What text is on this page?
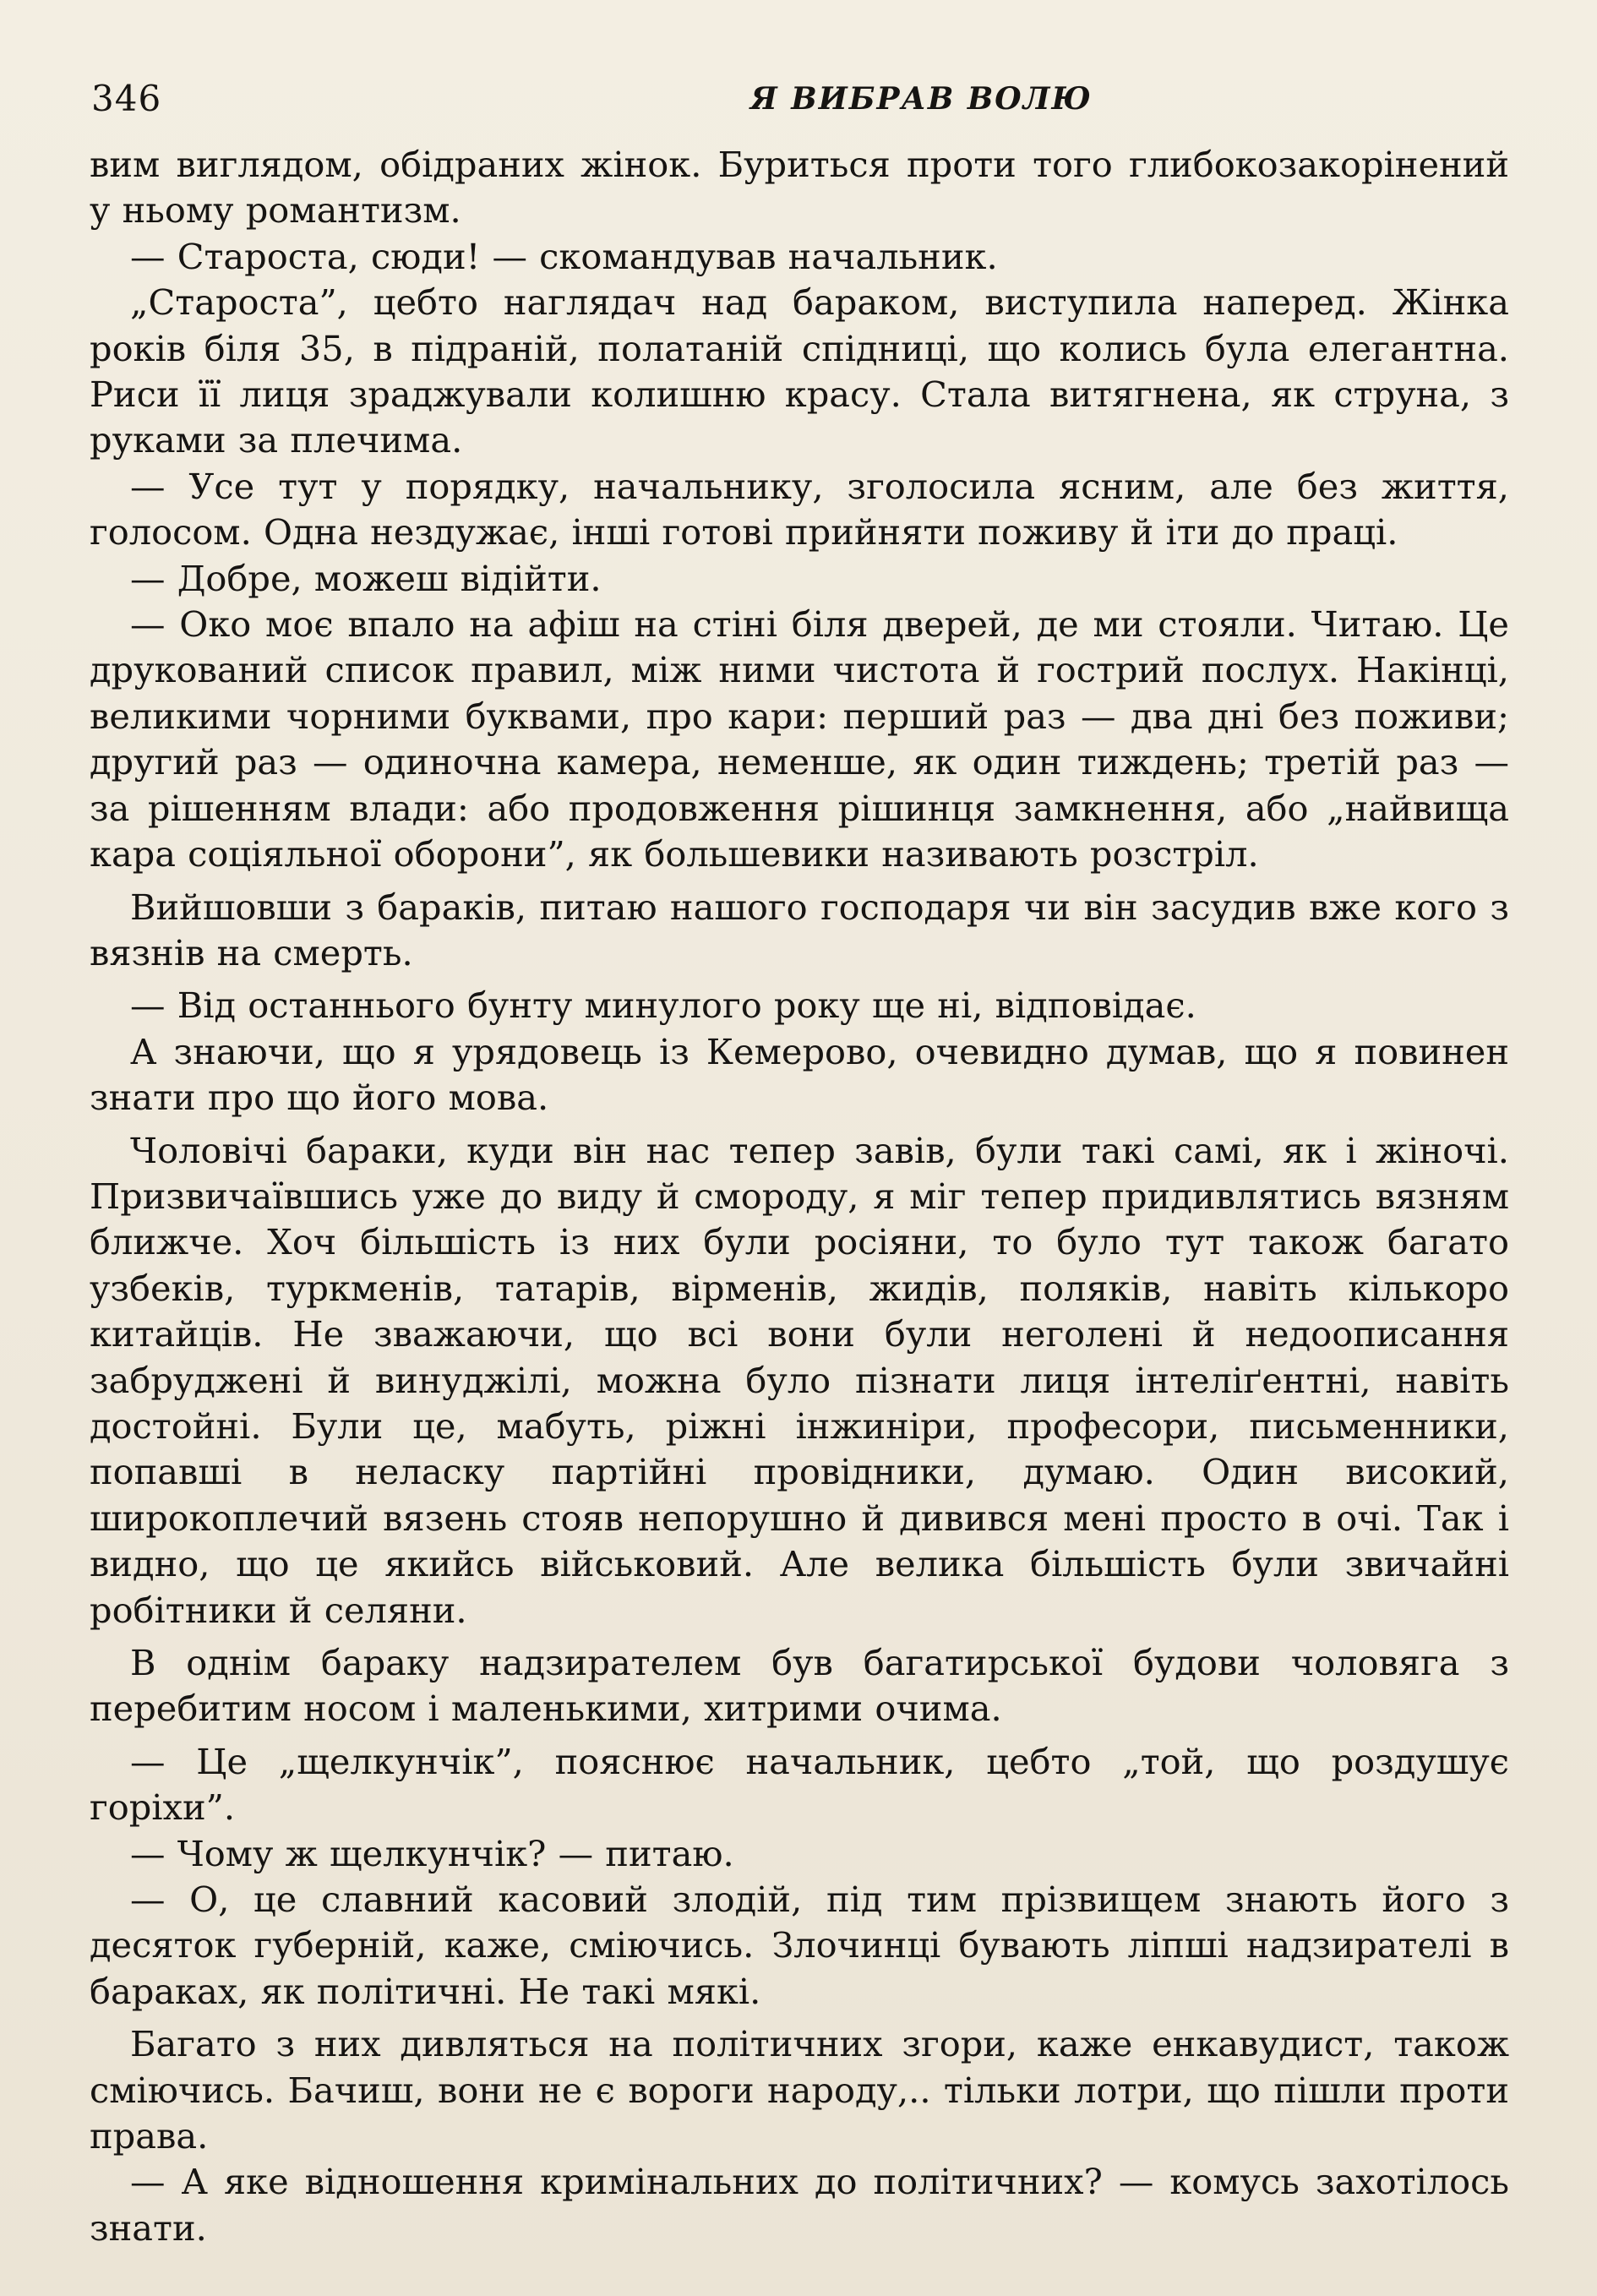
346	Я ВИБРАВ ВОЛЮ

вим виглядом, обідраних жінок. Буриться проти того глибокозакорінений у ньому романтизм.

— Староста, сюди! — скомандував начальник.

„Староста”, цебто наглядач над бараком, виступила наперед. Жінка років біля 35, в підраній, полатаній спідниці, що колись була елегантна. Риси її лиця зраджували колишню красу. Стала витягнена, як струна, з руками за плечима.

— Усе тут у порядку, начальнику, зголосила ясним, але без життя, голосом. Одна нездужає, інші готові прийняти поживу й іти до праці.

— Добре, можеш відійти.

— Око моє впало на афіш на стіні біля дверей, де ми стояли. Читаю. Це друкований список правил, між ними чистота й гострий послух. Накінці, великими чорними буквами, про кари: перший раз — два дні без поживи; другий раз — одиночна камера, неменше, як один тиждень; третій раз — за рішенням влади: або продовження рішинця замкнення, або „найвища кара соціяльної оборони”, як большевики називають розстріл.

Вийшовши з бараків, питаю нашого господаря чи він засудив вже кого з вязнів на смерть.

— Від останнього бунту минулого року ще ні, відповідає.

А знаючи, що я урядовець із Кемерово, очевидно думав, що я повинен знати про що його мова.

Чоловічі бараки, куди він нас тепер завів, були такі самі, як і жіночі. Призвичаївшись уже до виду й смороду, я міг тепер придивлятись вязням ближче. Хоч більшість із них були росіяни, то було тут також багато узбеків, туркменів, татарів, вірменів, жидів, поляків, навіть кількоро китайців. Не зважаючи, що всі вони були неголені й недоописання забруджені й винуджілі, можна було пізнати лиця інтеліґентні, навіть достойні. Були це, мабуть, ріжні інжиніри, професори, письменники, попавші в неласку партійні провідники, думаю. Один високий, широкоплечий вязень стояв непорушно й дивився мені просто в очі. Так і видно, що це якийсь військовий. Але велика більшість були звичайні робітники й селяни.

В однім бараку надзирателем був багатирської будови чоловяга з перебитим носом і маленькими, хитрими очима.

— Це „щелкунчік”, пояснює начальник, цебто „той, що роздушує горіхи”.

— Чому ж щелкунчік? — питаю.

— О, це славний касовий злодій, під тим прізвищем знають його з десяток губерній, каже, сміючись. Злочинці бувають ліпші надзирателі в бараках, як політичні. Не такі мякі.

Багато з них дивляться на політичних згори, каже енкавудист, також сміючись. Бачиш, вони не є вороги народу,.. тільки лотри, що пішли проти права.

— А яке відношення кримінальних до політичних? — комусь захотілось знати.
